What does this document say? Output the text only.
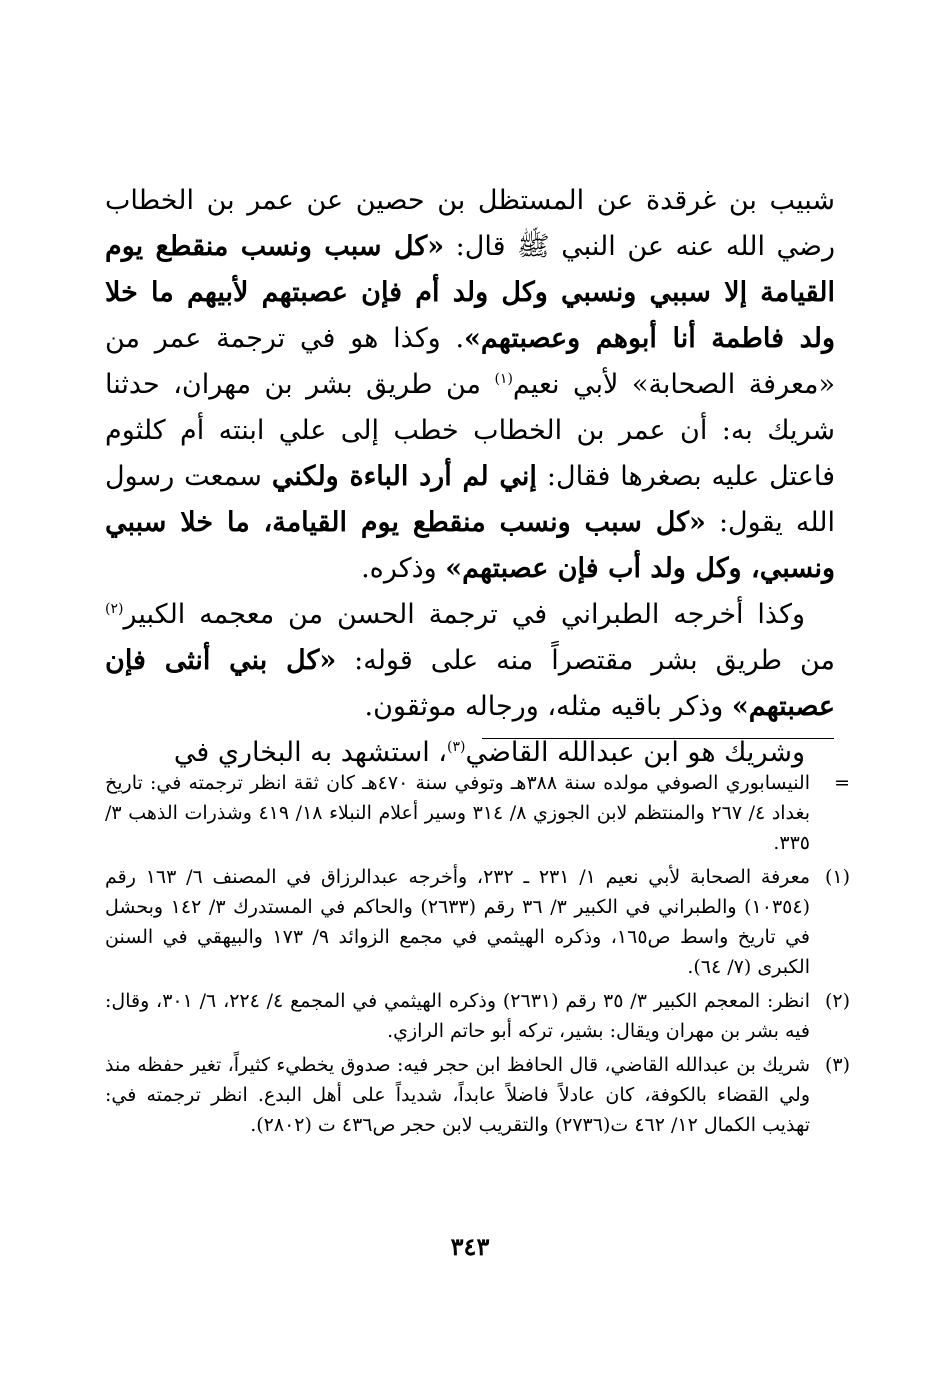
شبيب بن غرقدة عن المستظل بن حصين عن عمر بن الخطاب رضي الله عنه عن النبي ﷺ قال: «كل سبب ونسب منقطع يوم القيامة إلا سببي ونسبي وكل ولد أم فإن عصبتهم لأبيهم ما خلا ولد فاطمة أنا أبوهم وعصبتهم». وكذا هو في ترجمة عمر من «معرفة الصحابة» لأبي نعيم$^{(١)}$ من طريق بشر بن مهران، حدثنا شريك به: أن عمر بن الخطاب خطب إلى علي ابنته أم كلثوم فاعتل عليه بصغرها فقال: إني لم أرد الباءة ولكني سمعت رسول الله يقول: «كل سبب ونسب منقطع يوم القيامة، ما خلا سببي ونسبي، وكل ولد أب فإن عصبتهم» وذكره.

وكذا أخرجه الطبراني في ترجمة الحسن من معجمه الكبير$^{(٢)}$ من طريق بشر مقتصراً منه على قوله: «كل بني أنثى فإن عصبتهم» وذكر باقيه مثله، ورجاله موثقون.

وشريك هو ابن عبدالله القاضي$^{(٣)}$، استشهد به البخاري في

=
النيسابوري الصوفي مولده سنة ٣٨٨هـ وتوفي سنة ٤٧٠هـ كان ثقة انظر ترجمته في: تاريخ بغداد ٤/ ٢٦٧ والمنتظم لابن الجوزي ٨/ ٣١٤ وسير أعلام النبلاء ١٨/ ٤١٩ وشذرات الذهب ٣/ ٣٣٥.
(١)
معرفة الصحابة لأبي نعيم ١/ ٢٣١ ـ ٢٣٢، وأخرجه عبدالرزاق في المصنف ٦/ ١٦٣ رقم (١٠٣٥٤) والطبراني في الكبير ٣/ ٣٦ رقم (٢٦٣٣) والحاكم في المستدرك ٣/ ١٤٢ وبحشل في تاريخ واسط ص١٦٥، وذكره الهيثمي في مجمع الزوائد ٩/ ١٧٣ والبيهقي في السنن الكبرى (٧/ ٦٤).
(٢)
انظر: المعجم الكبير ٣/ ٣٥ رقم (٢٦٣١) وذكره الهيثمي في المجمع ٤/ ٢٢٤، ٦/ ٣٠١، وقال: فيه بشر بن مهران ويقال: بشير، تركه أبو حاتم الرازي.
(٣)
شريك بن عبدالله القاضي، قال الحافظ ابن حجر فيه: صدوق يخطيء كثيراً، تغير حفظه منذ ولي القضاء بالكوفة، كان عادلاً فاضلاً عابداً، شديداً على أهل البدع. انظر ترجمته في: تهذيب الكمال ١٢/ ٤٦٢ ت(٢٧٣٦) والتقريب لابن حجر ص٤٣٦ ت (٢٨٠٢).
٣٤٣
